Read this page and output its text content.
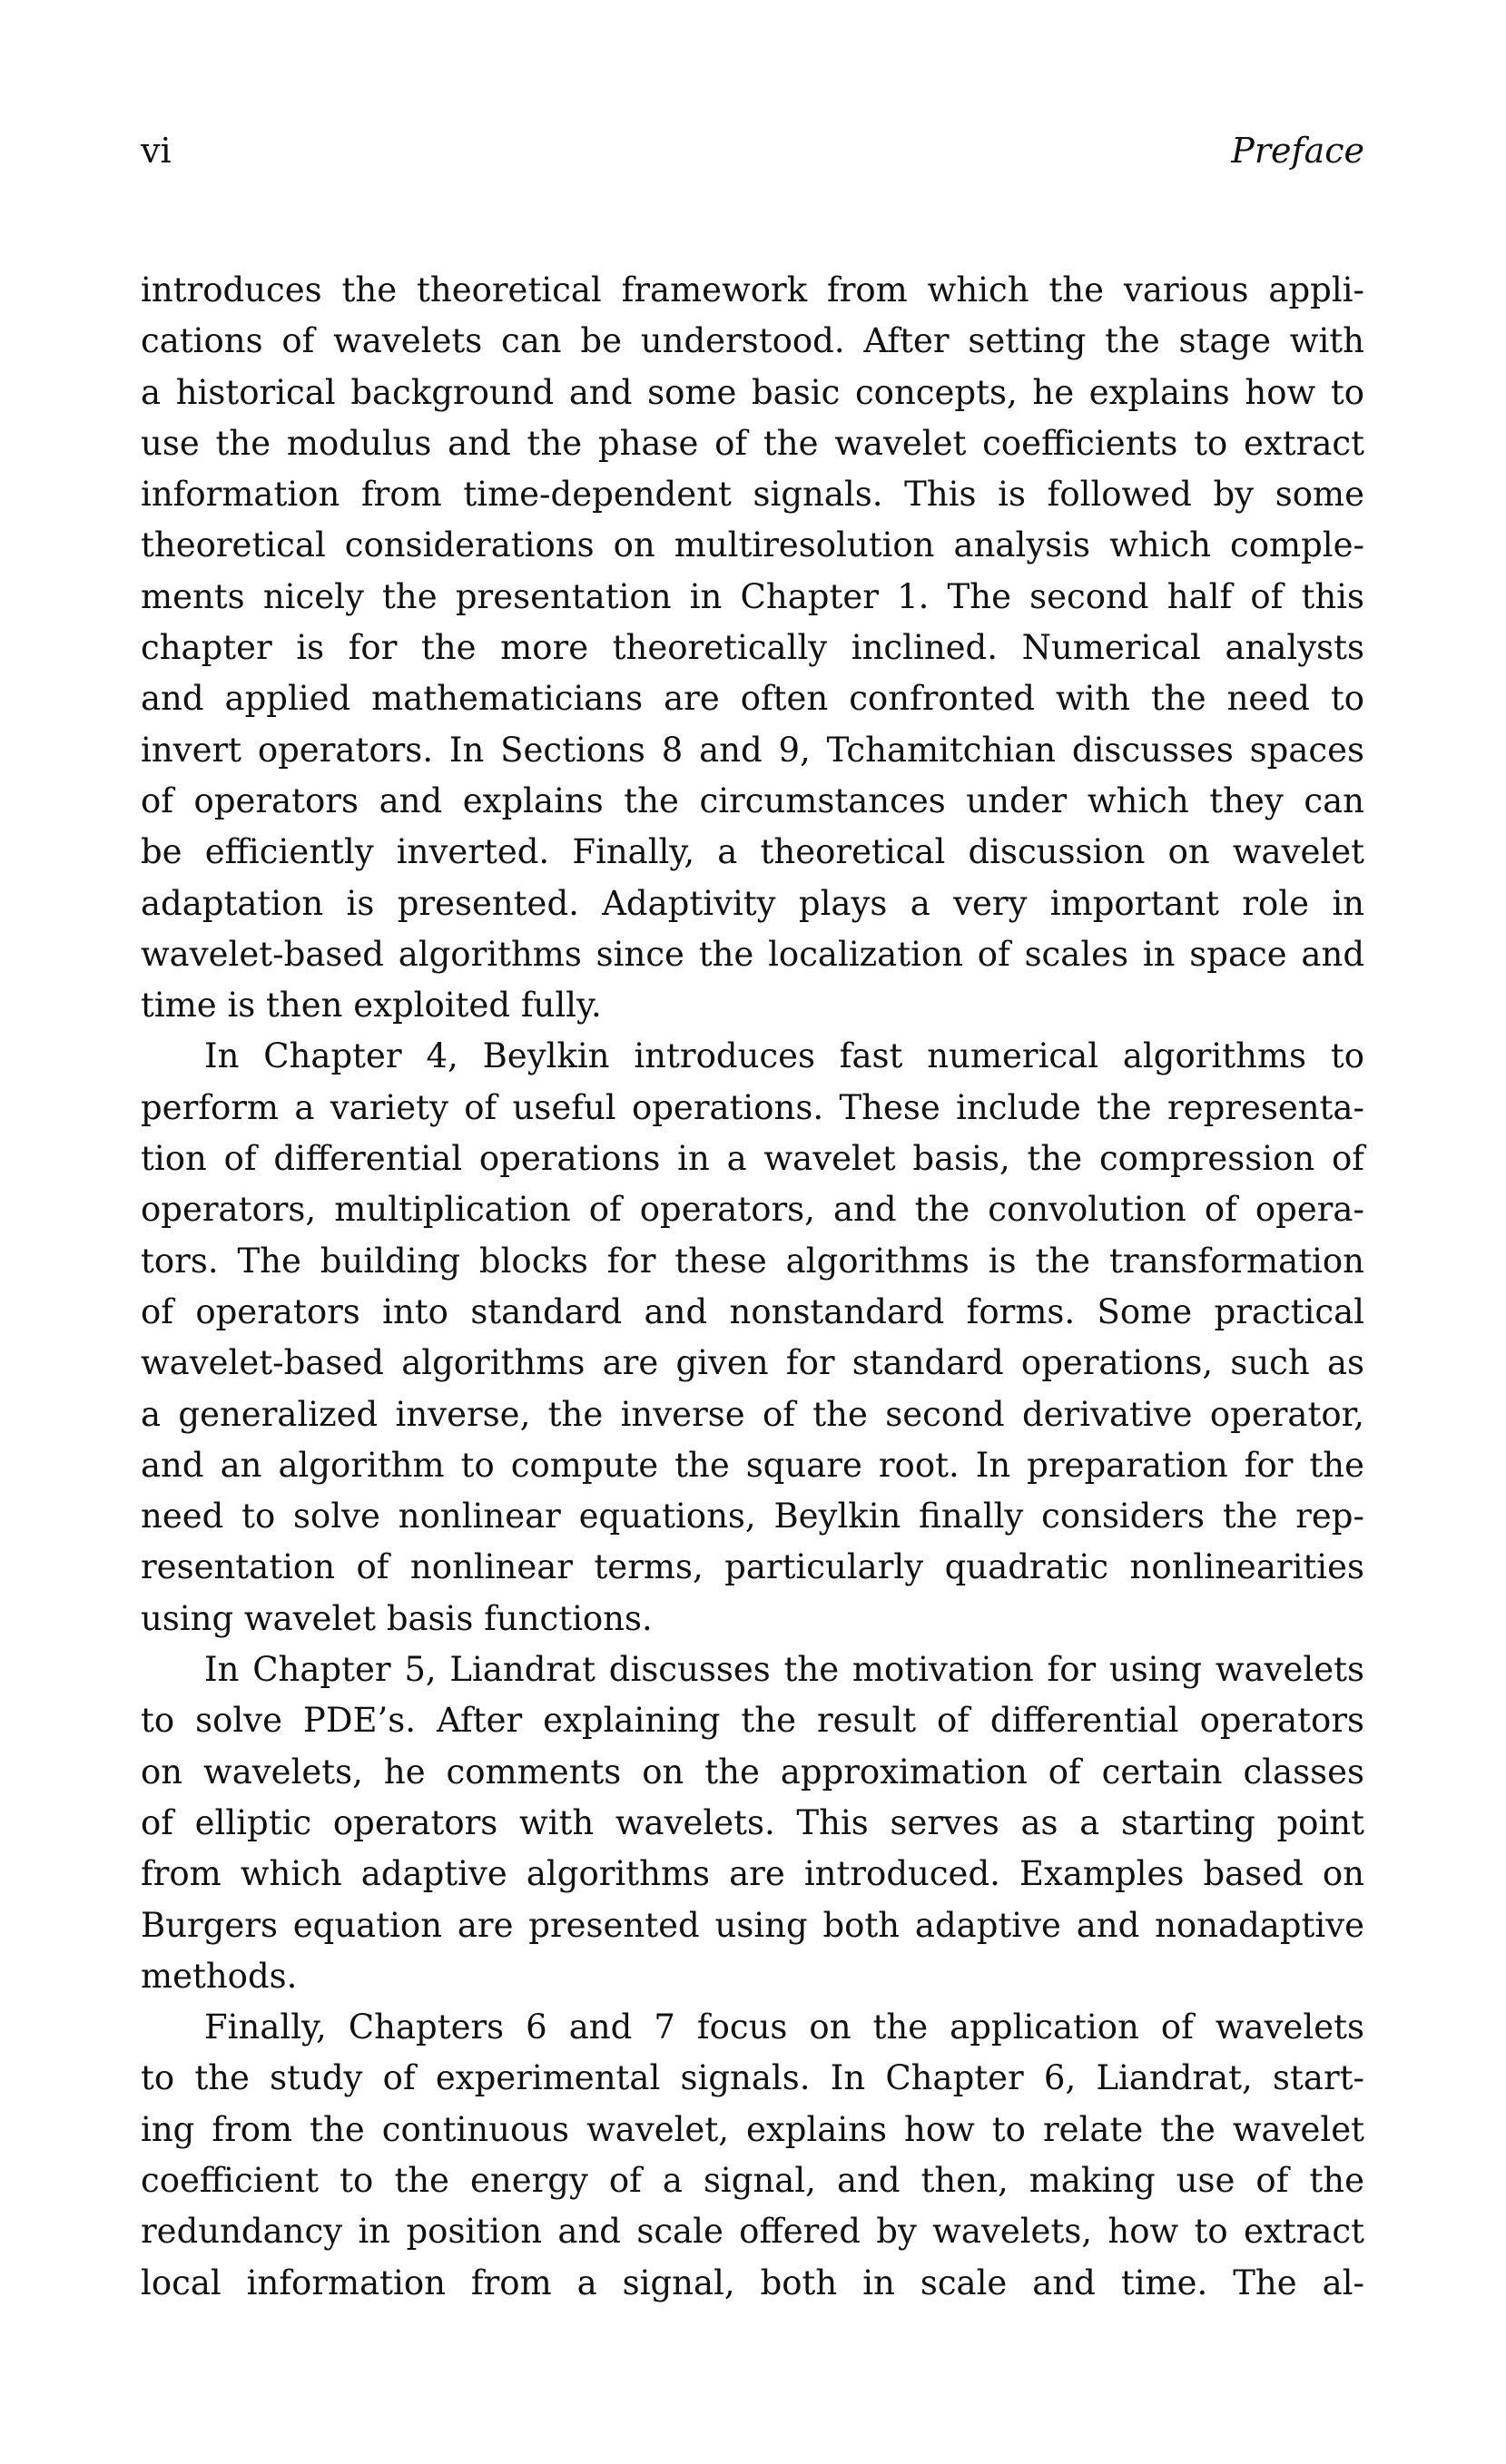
vi	Preface
introduces the theoretical framework from which the various appli-
cations of wavelets can be understood. After setting the stage with
a historical background and some basic concepts, he explains how to
use the modulus and the phase of the wavelet coefficients to extract
information from time-dependent signals. This is followed by some
theoretical considerations on multiresolution analysis which comple-
ments nicely the presentation in Chapter 1. The second half of this
chapter is for the more theoretically inclined. Numerical analysts
and applied mathematicians are often confronted with the need to
invert operators. In Sections 8 and 9, Tchamitchian discusses spaces
of operators and explains the circumstances under which they can
be efficiently inverted. Finally, a theoretical discussion on wavelet
adaptation is presented. Adaptivity plays a very important role in
wavelet-based algorithms since the localization of scales in space and
time is then exploited fully.
In Chapter 4, Beylkin introduces fast numerical algorithms to
perform a variety of useful operations. These include the representa-
tion of differential operations in a wavelet basis, the compression of
operators, multiplication of operators, and the convolution of opera-
tors. The building blocks for these algorithms is the transformation
of operators into standard and nonstandard forms. Some practical
wavelet-based algorithms are given for standard operations, such as
a generalized inverse, the inverse of the second derivative operator,
and an algorithm to compute the square root. In preparation for the
need to solve nonlinear equations, Beylkin finally considers the rep-
resentation of nonlinear terms, particularly quadratic nonlinearities
using wavelet basis functions.
In Chapter 5, Liandrat discusses the motivation for using wavelets
to solve PDE’s. After explaining the result of differential operators
on wavelets, he comments on the approximation of certain classes
of elliptic operators with wavelets. This serves as a starting point
from which adaptive algorithms are introduced. Examples based on
Burgers equation are presented using both adaptive and nonadaptive
methods.
Finally, Chapters 6 and 7 focus on the application of wavelets
to the study of experimental signals. In Chapter 6, Liandrat, start-
ing from the continuous wavelet, explains how to relate the wavelet
coefficient to the energy of a signal, and then, making use of the
redundancy in position and scale offered by wavelets, how to extract
local information from a signal, both in scale and time. The al-
